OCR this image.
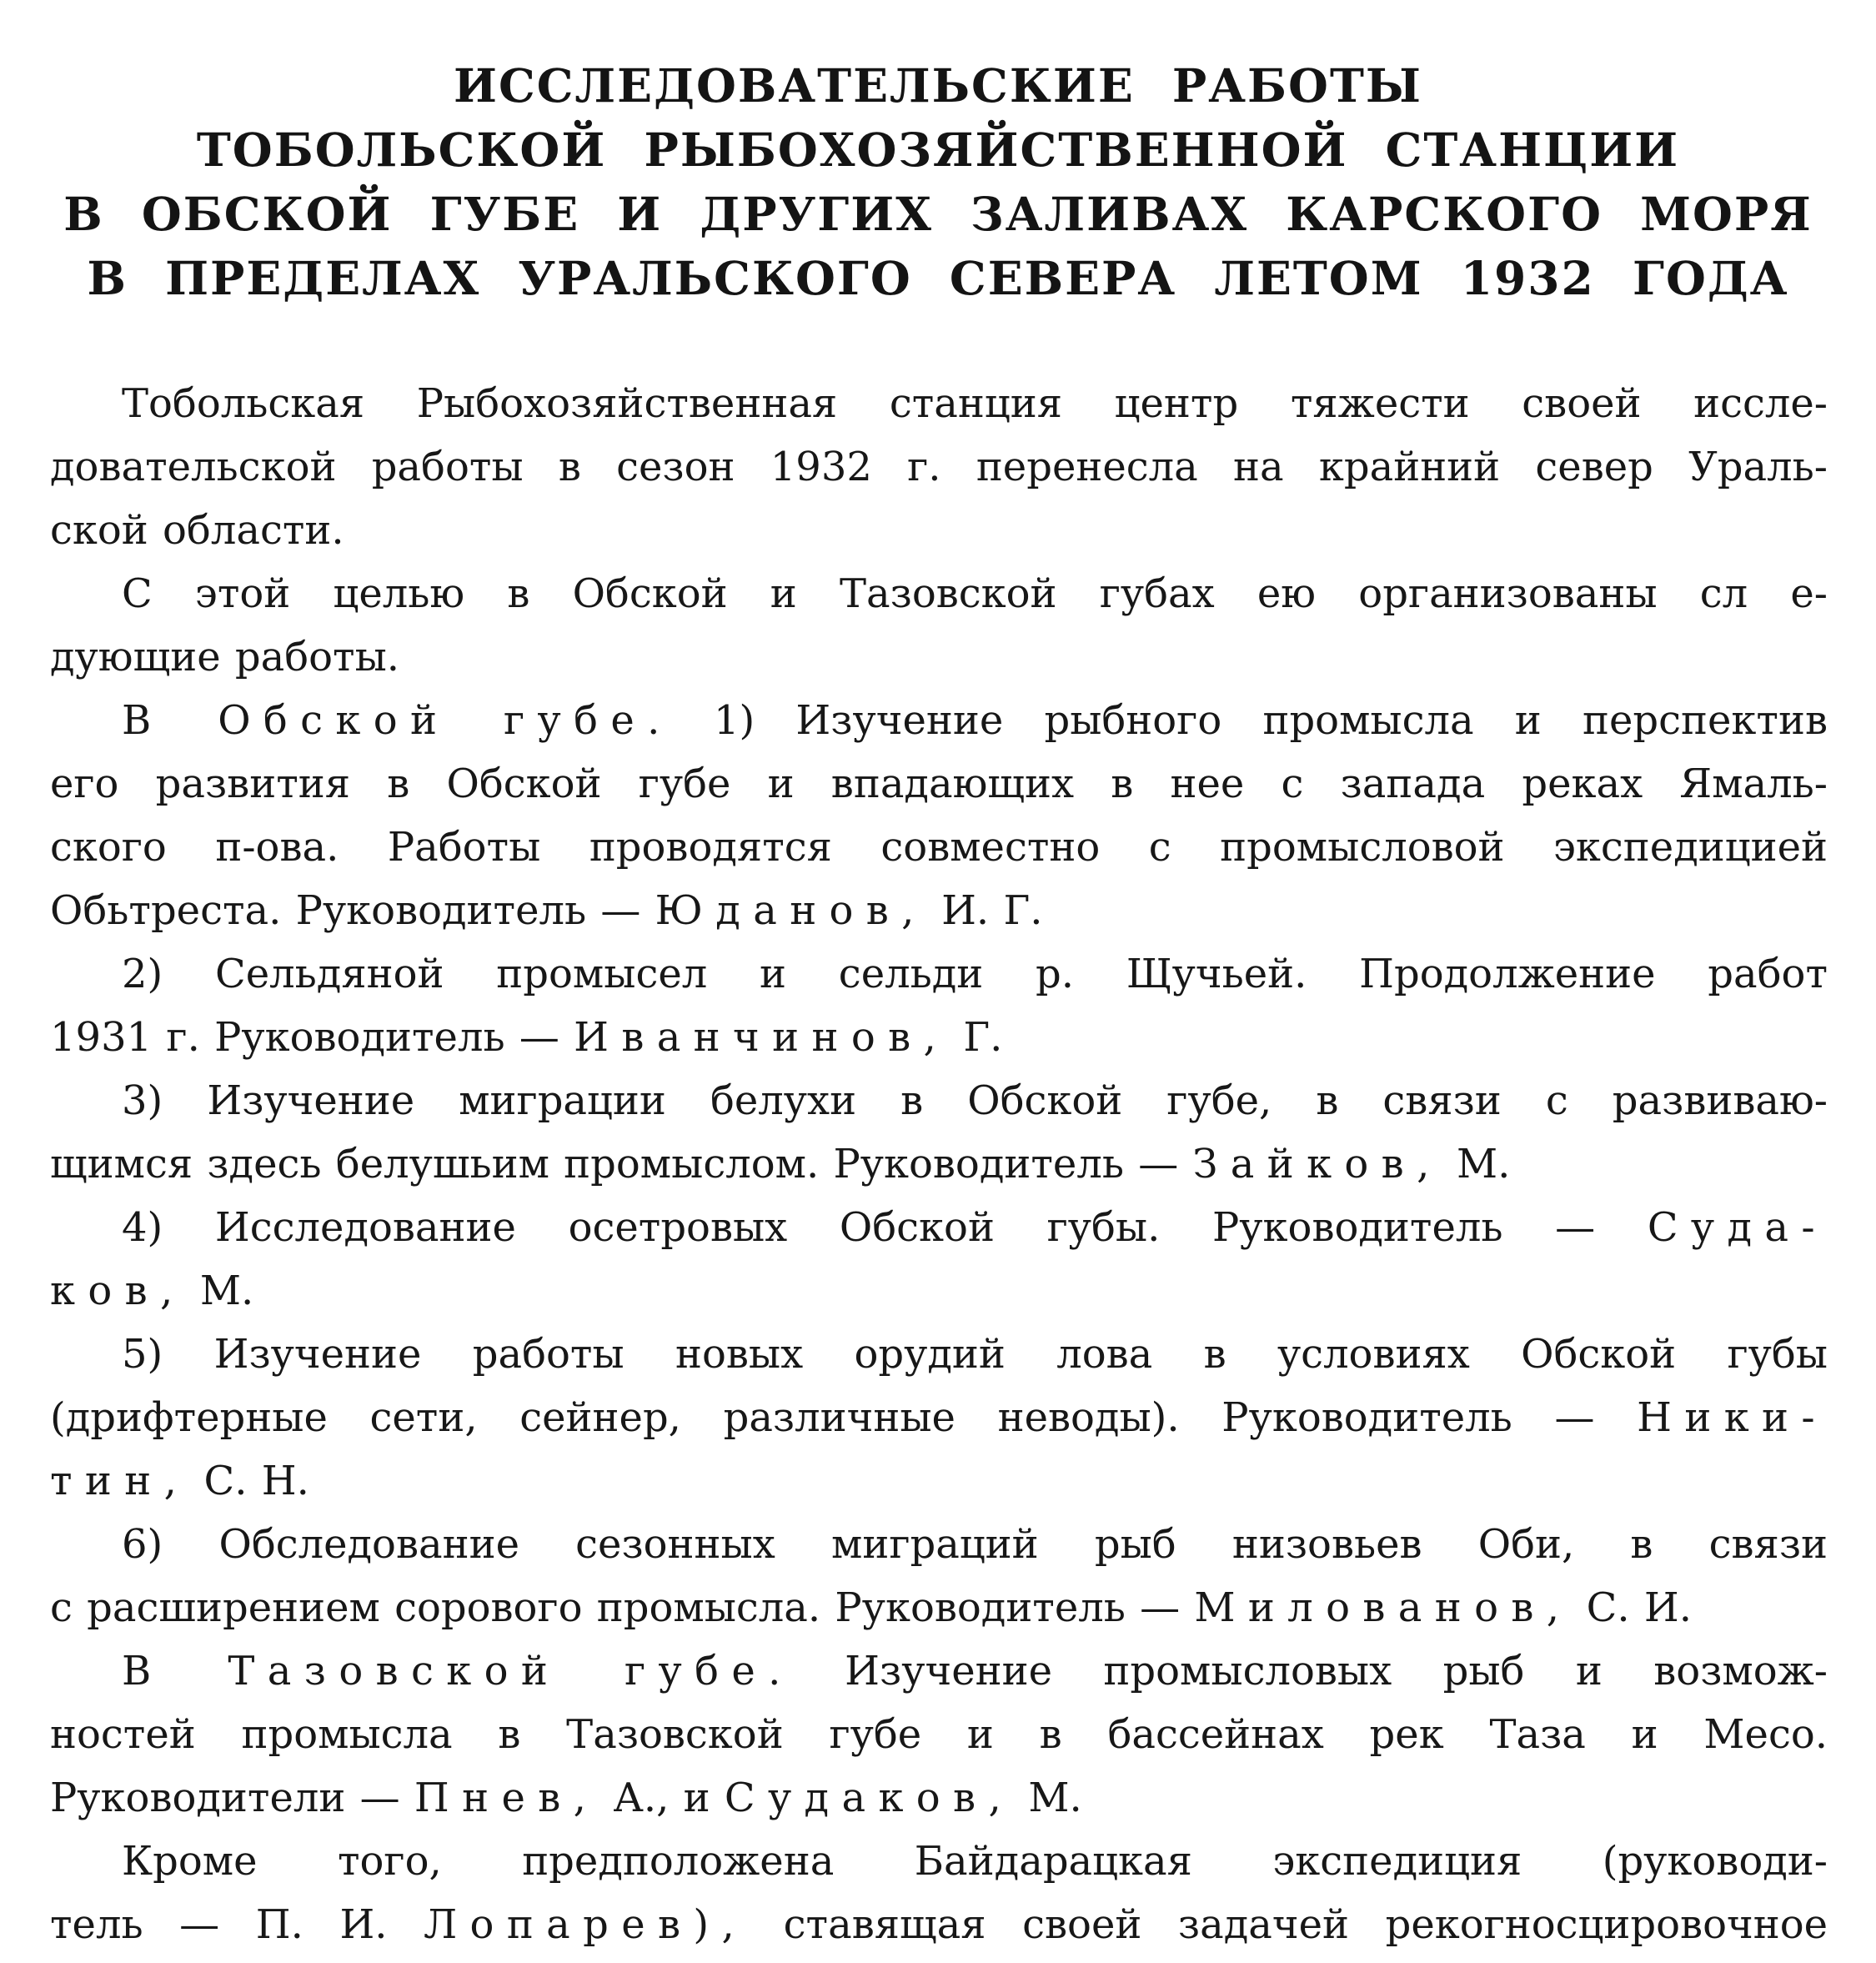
ИССЛЕДОВАТЕЛЬСКИЕ РАБОТЫ
ТОБОЛЬСКОЙ РЫБОХОЗЯЙСТВЕННОЙ СТАНЦИИ
В ОБСКОЙ ГУБЕ И ДРУГИХ ЗАЛИВАХ КАРСКОГО МОРЯ
В ПРЕДЕЛАХ УРАЛЬСКОГО СЕВЕРА ЛЕТОМ 1932 ГОДА

Тобольская Рыбохозяйственная станция центр тяжести своей иссле-
довательской работы в сезон 1932 г. перенесла на крайний север Ураль-
ской области.

С этой целью в Обской и Тазовской губах ею организованы сл е-
дующие работы.

В Обской губе. 1) Изучение рыбного промысла и перспектив
его развития в Обской губе и впадающих в нее с запада реках Ямаль-
ского п-ова. Работы проводятся совместно с промысловой экспедицией
Обьтреста. Руководитель — Юданов, И. Г.

2) Сельдяной промысел и сельди р. Щучьей. Продолжение работ
1931 г. Руководитель — Иванчинов, Г.

3) Изучение миграции белухи в Обской губе, в связи с развиваю-
щимся здесь белушьим промыслом. Руководитель — Зайков, М.

4) Исследование осетровых Обской губы. Руководитель — Суда-
ков, М.

5) Изучение работы новых орудий лова в условиях Обской губы
(дрифтерные сети, сейнер, различные неводы). Руководитель — Ники-
тин, С. Н.

6) Обследование сезонных миграций рыб низовьев Оби, в связи
с расширением сорового промысла. Руководитель — Милованов, С. И.

В Тазовской губе. Изучение промысловых рыб и возмож-
ностей промысла в Тазовской губе и в бассейнах рек Таза и Месо.
Руководители — Пнев, А., и Судаков, М.

Кроме того, предположена Байдарацкая экспедиция (руководи-
тель — П. И. Лопарев), ставящая своей задачей рекогносцировочное
